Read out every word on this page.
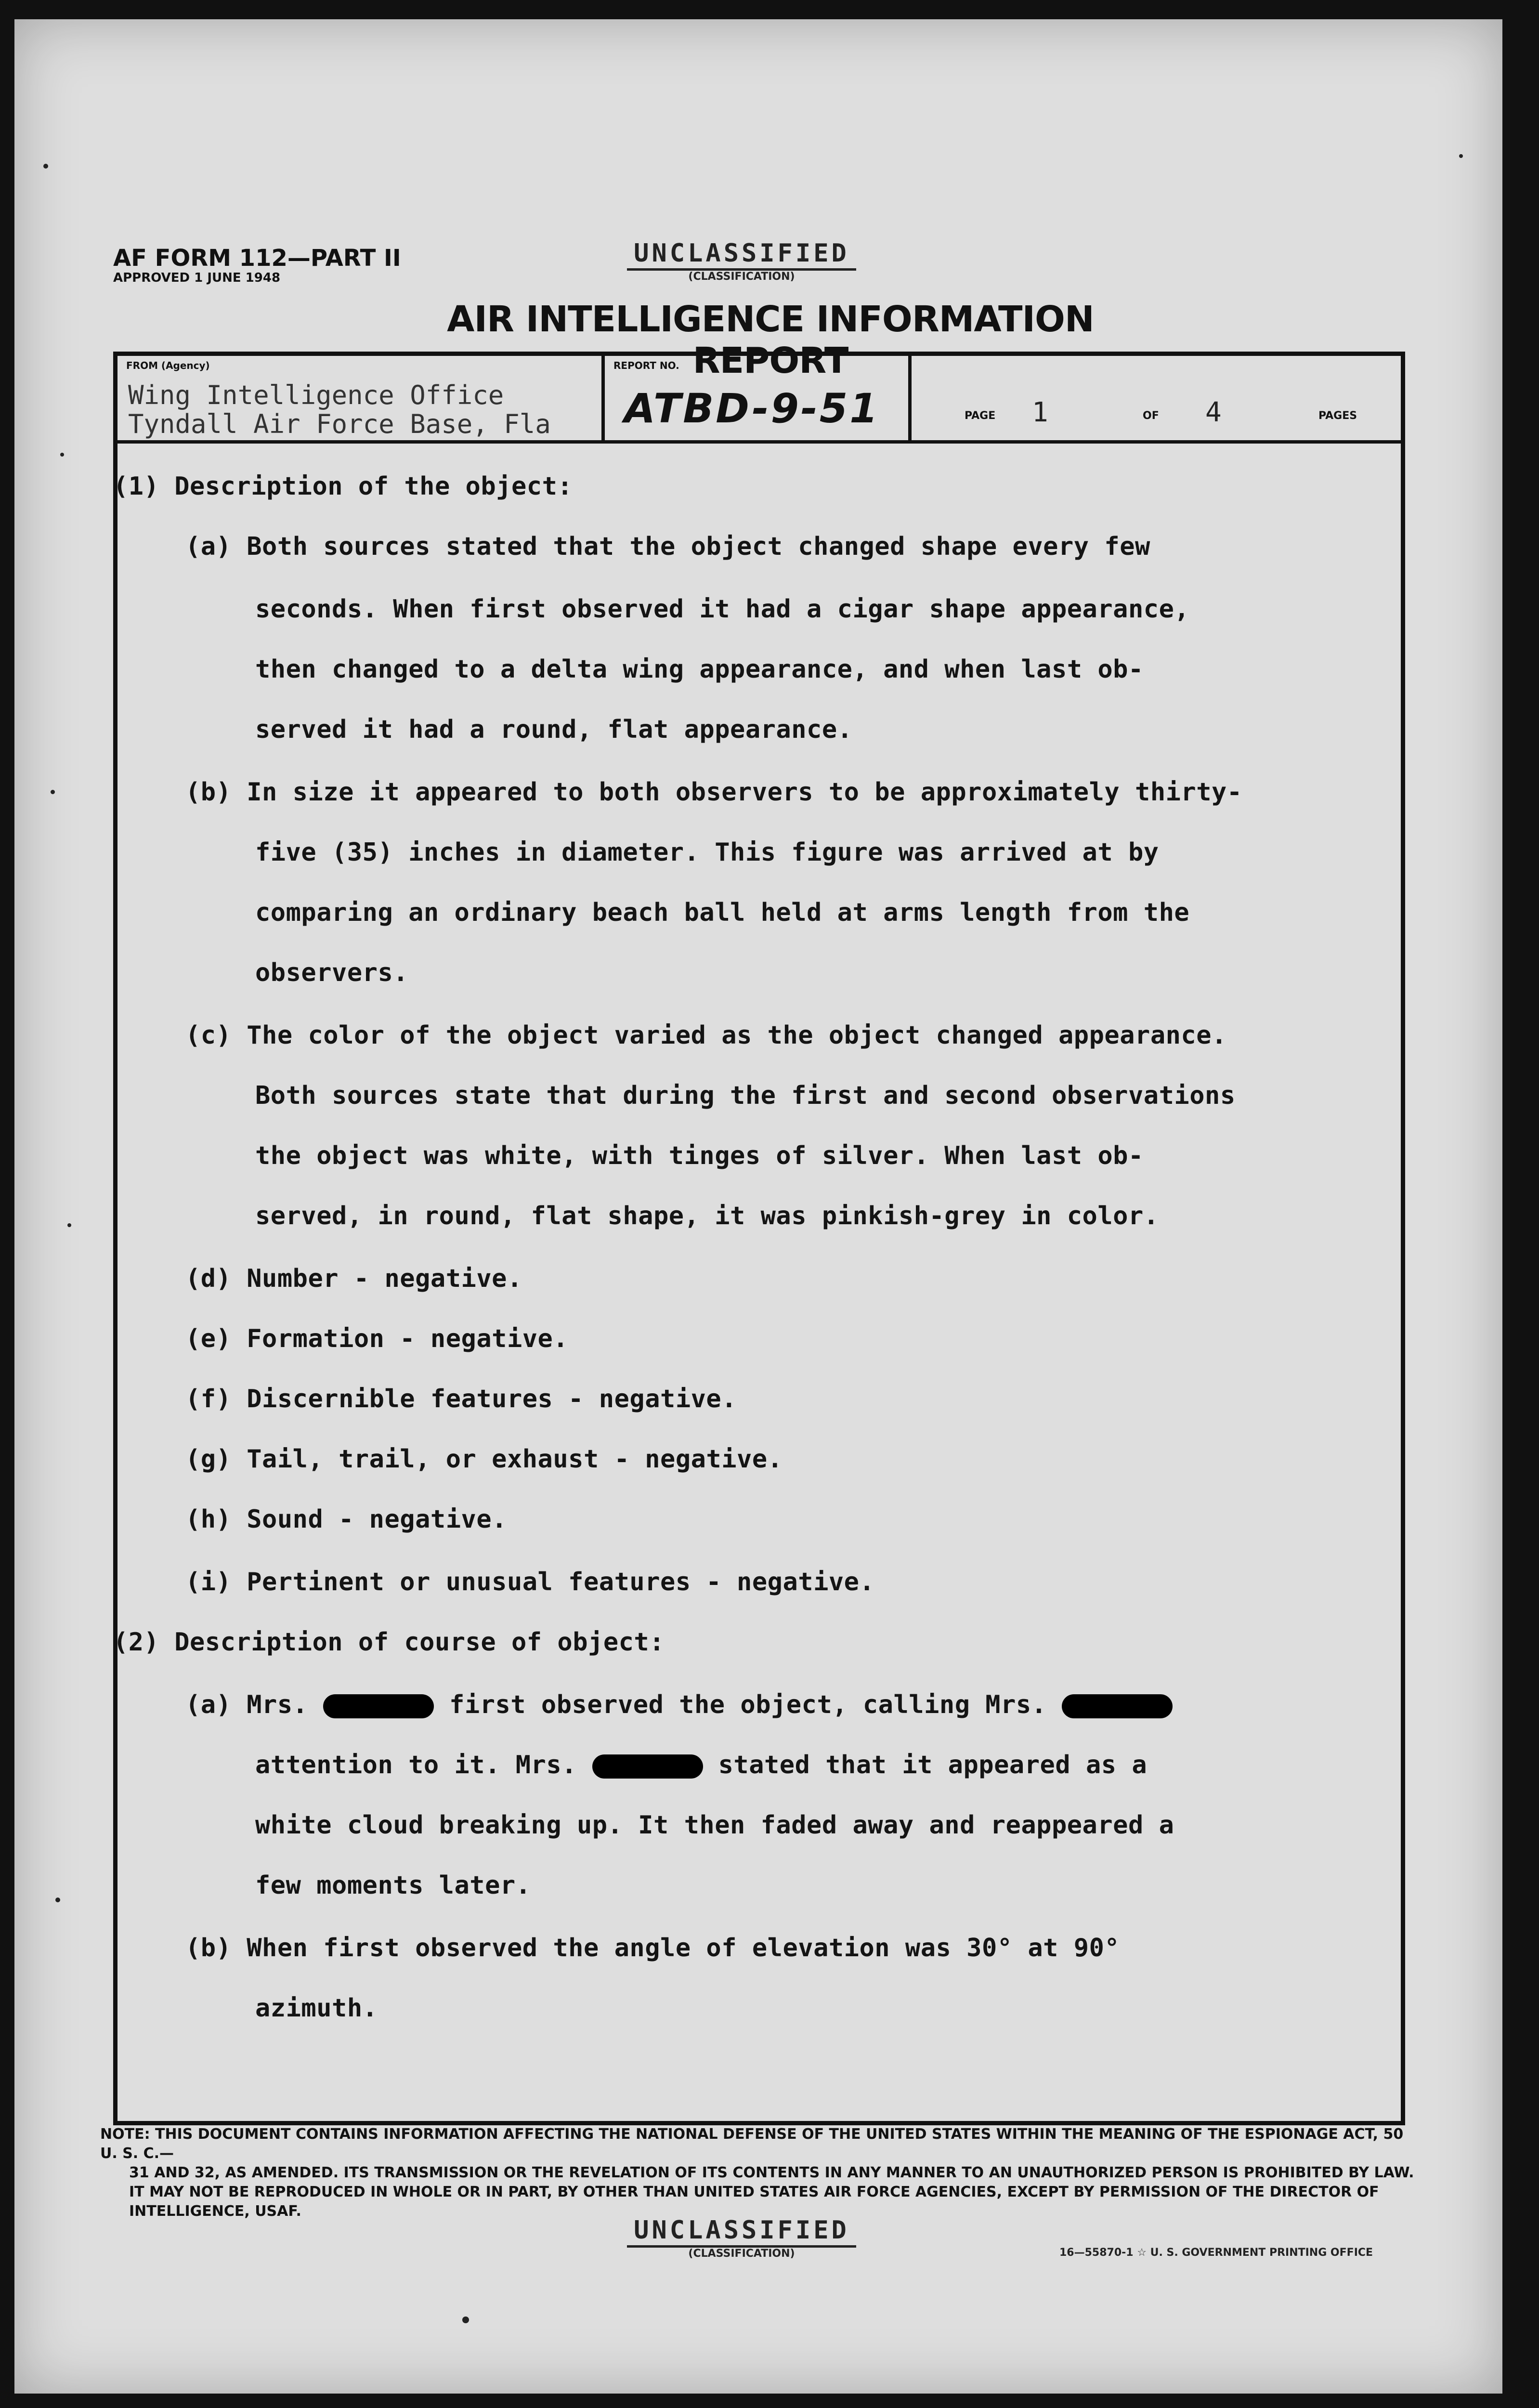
AF FORM 112—PART II
APPROVED 1 JUNE 1948
UNCLASSIFIED
(CLASSIFICATION)
AIR INTELLIGENCE INFORMATION REPORT
FROM (Agency)
Wing Intelligence Office
Tyndall Air Force Base, Fla
REPORT NO.
ATBD-9-51	PAGE 1	OF 4	PAGES
(1) Description of the object:
(a) Both sources stated that the object changed shape every few
seconds. When first observed it had a cigar shape appearance,
then changed to a delta wing appearance, and when last ob-
served it had a round, flat appearance.
(b) In size it appeared to both observers to be approximately thirty-
five (35) inches in diameter. This figure was arrived at by
comparing an ordinary beach ball held at arms length from the
observers.
(c) The color of the object varied as the object changed appearance.
Both sources state that during the first and second observations
the object was white, with tinges of silver. When last ob-
served, in round, flat shape, it was pinkish-grey in color.
(d) Number - negative.
(e) Formation - negative.
(f) Discernible features - negative.
(g) Tail, trail, or exhaust - negative.
(h) Sound - negative.
(i) Pertinent or unusual features - negative.
(2) Description of course of object:
(a) Mrs.	first observed the object, calling Mrs.
attention to it. Mrs.	stated that it appeared as a
white cloud breaking up. It then faded away and reappeared a
few moments later.
(b) When first observed the angle of elevation was 30° at 90°
azimuth.
NOTE: THIS DOCUMENT CONTAINS INFORMATION AFFECTING THE NATIONAL DEFENSE OF THE UNITED STATES WITHIN THE MEANING OF THE ESPIONAGE ACT, 50 U. S. C.—
31 AND 32, AS AMENDED. ITS TRANSMISSION OR THE REVELATION OF ITS CONTENTS IN ANY MANNER TO AN UNAUTHORIZED PERSON IS PROHIBITED BY LAW.
IT MAY NOT BE REPRODUCED IN WHOLE OR IN PART, BY OTHER THAN UNITED STATES AIR FORCE AGENCIES, EXCEPT BY PERMISSION OF THE DIRECTOR OF
INTELLIGENCE, USAF.
UNCLASSIFIED
(CLASSIFICATION)	16—55870-1 ☆ U. S. GOVERNMENT PRINTING OFFICE
